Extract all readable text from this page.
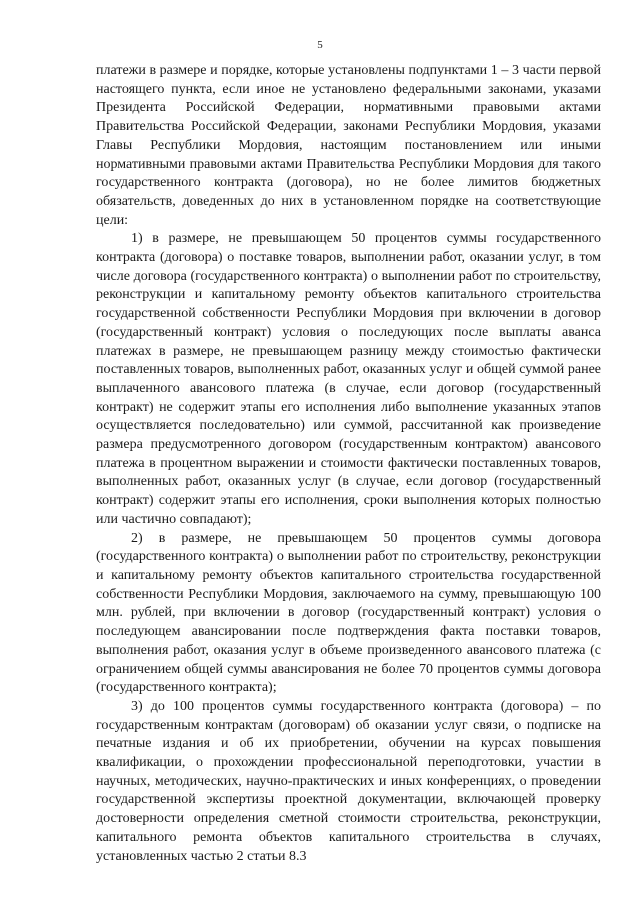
5

платежи в размере и порядке, которые установлены подпунктами 1 – 3 части первой настоящего пункта, если иное не установлено федеральными законами, указами Президента Российской Федерации, нормативными правовыми актами Правительства Российской Федерации, законами Республики Мордовия, указами Главы Республики Мордовия, настоящим постановлением или иными нормативными правовыми актами Правительства Республики Мордовия для такого государственного контракта (договора), но не более лимитов бюджетных обязательств, доведенных до них в установленном порядке на соответствующие цели:

1) в размере, не превышающем 50 процентов суммы государственного контракта (договора) о поставке товаров, выполнении работ, оказании услуг, в том числе договора (государственного контракта) о выполнении работ по строительству, реконструкции и капитальному ремонту объектов капитального строительства государственной собственности Республики Мордовия при включении в договор (государственный контракт) условия о последующих после выплаты аванса платежах в размере, не превышающем разницу между стоимостью фактически поставленных товаров, выполненных работ, оказанных услуг и общей суммой ранее выплаченного авансового платежа (в случае, если договор (государственный контракт) не содержит этапы его исполнения либо выполнение указанных этапов осуществляется последовательно) или суммой, рассчитанной как произведение размера предусмотренного договором (государственным контрактом) авансового платежа в процентном выражении и стоимости фактически поставленных товаров, выполненных работ, оказанных услуг (в случае, если договор (государственный контракт) содержит этапы его исполнения, сроки выполнения которых полностью или частично совпадают);

2) в размере, не превышающем 50 процентов суммы договора (государственного контракта) о выполнении работ по строительству, реконструкции и капитальному ремонту объектов капитального строительства государственной собственности Республики Мордовия, заключаемого на сумму, превышающую 100 млн. рублей, при включении в договор (государственный контракт) условия о последующем авансировании после подтверждения факта поставки товаров, выполнения работ, оказания услуг в объеме произведенного авансового платежа (с ограничением общей суммы авансирования не более 70 процентов суммы договора (государственного контракта);

3) до 100 процентов суммы государственного контракта (договора) – по государственным контрактам (договорам) об оказании услуг связи, о подписке на печатные издания и об их приобретении, обучении на курсах повышения квалификации, о прохождении профессиональной переподготовки, участии в научных, методических, научно-практических и иных конференциях, о проведении государственной экспертизы проектной документации, включающей проверку достоверности определения сметной стоимости строительства, реконструкции, капитального ремонта объектов капитального строительства в случаях, установленных частью 2 статьи 8.3
